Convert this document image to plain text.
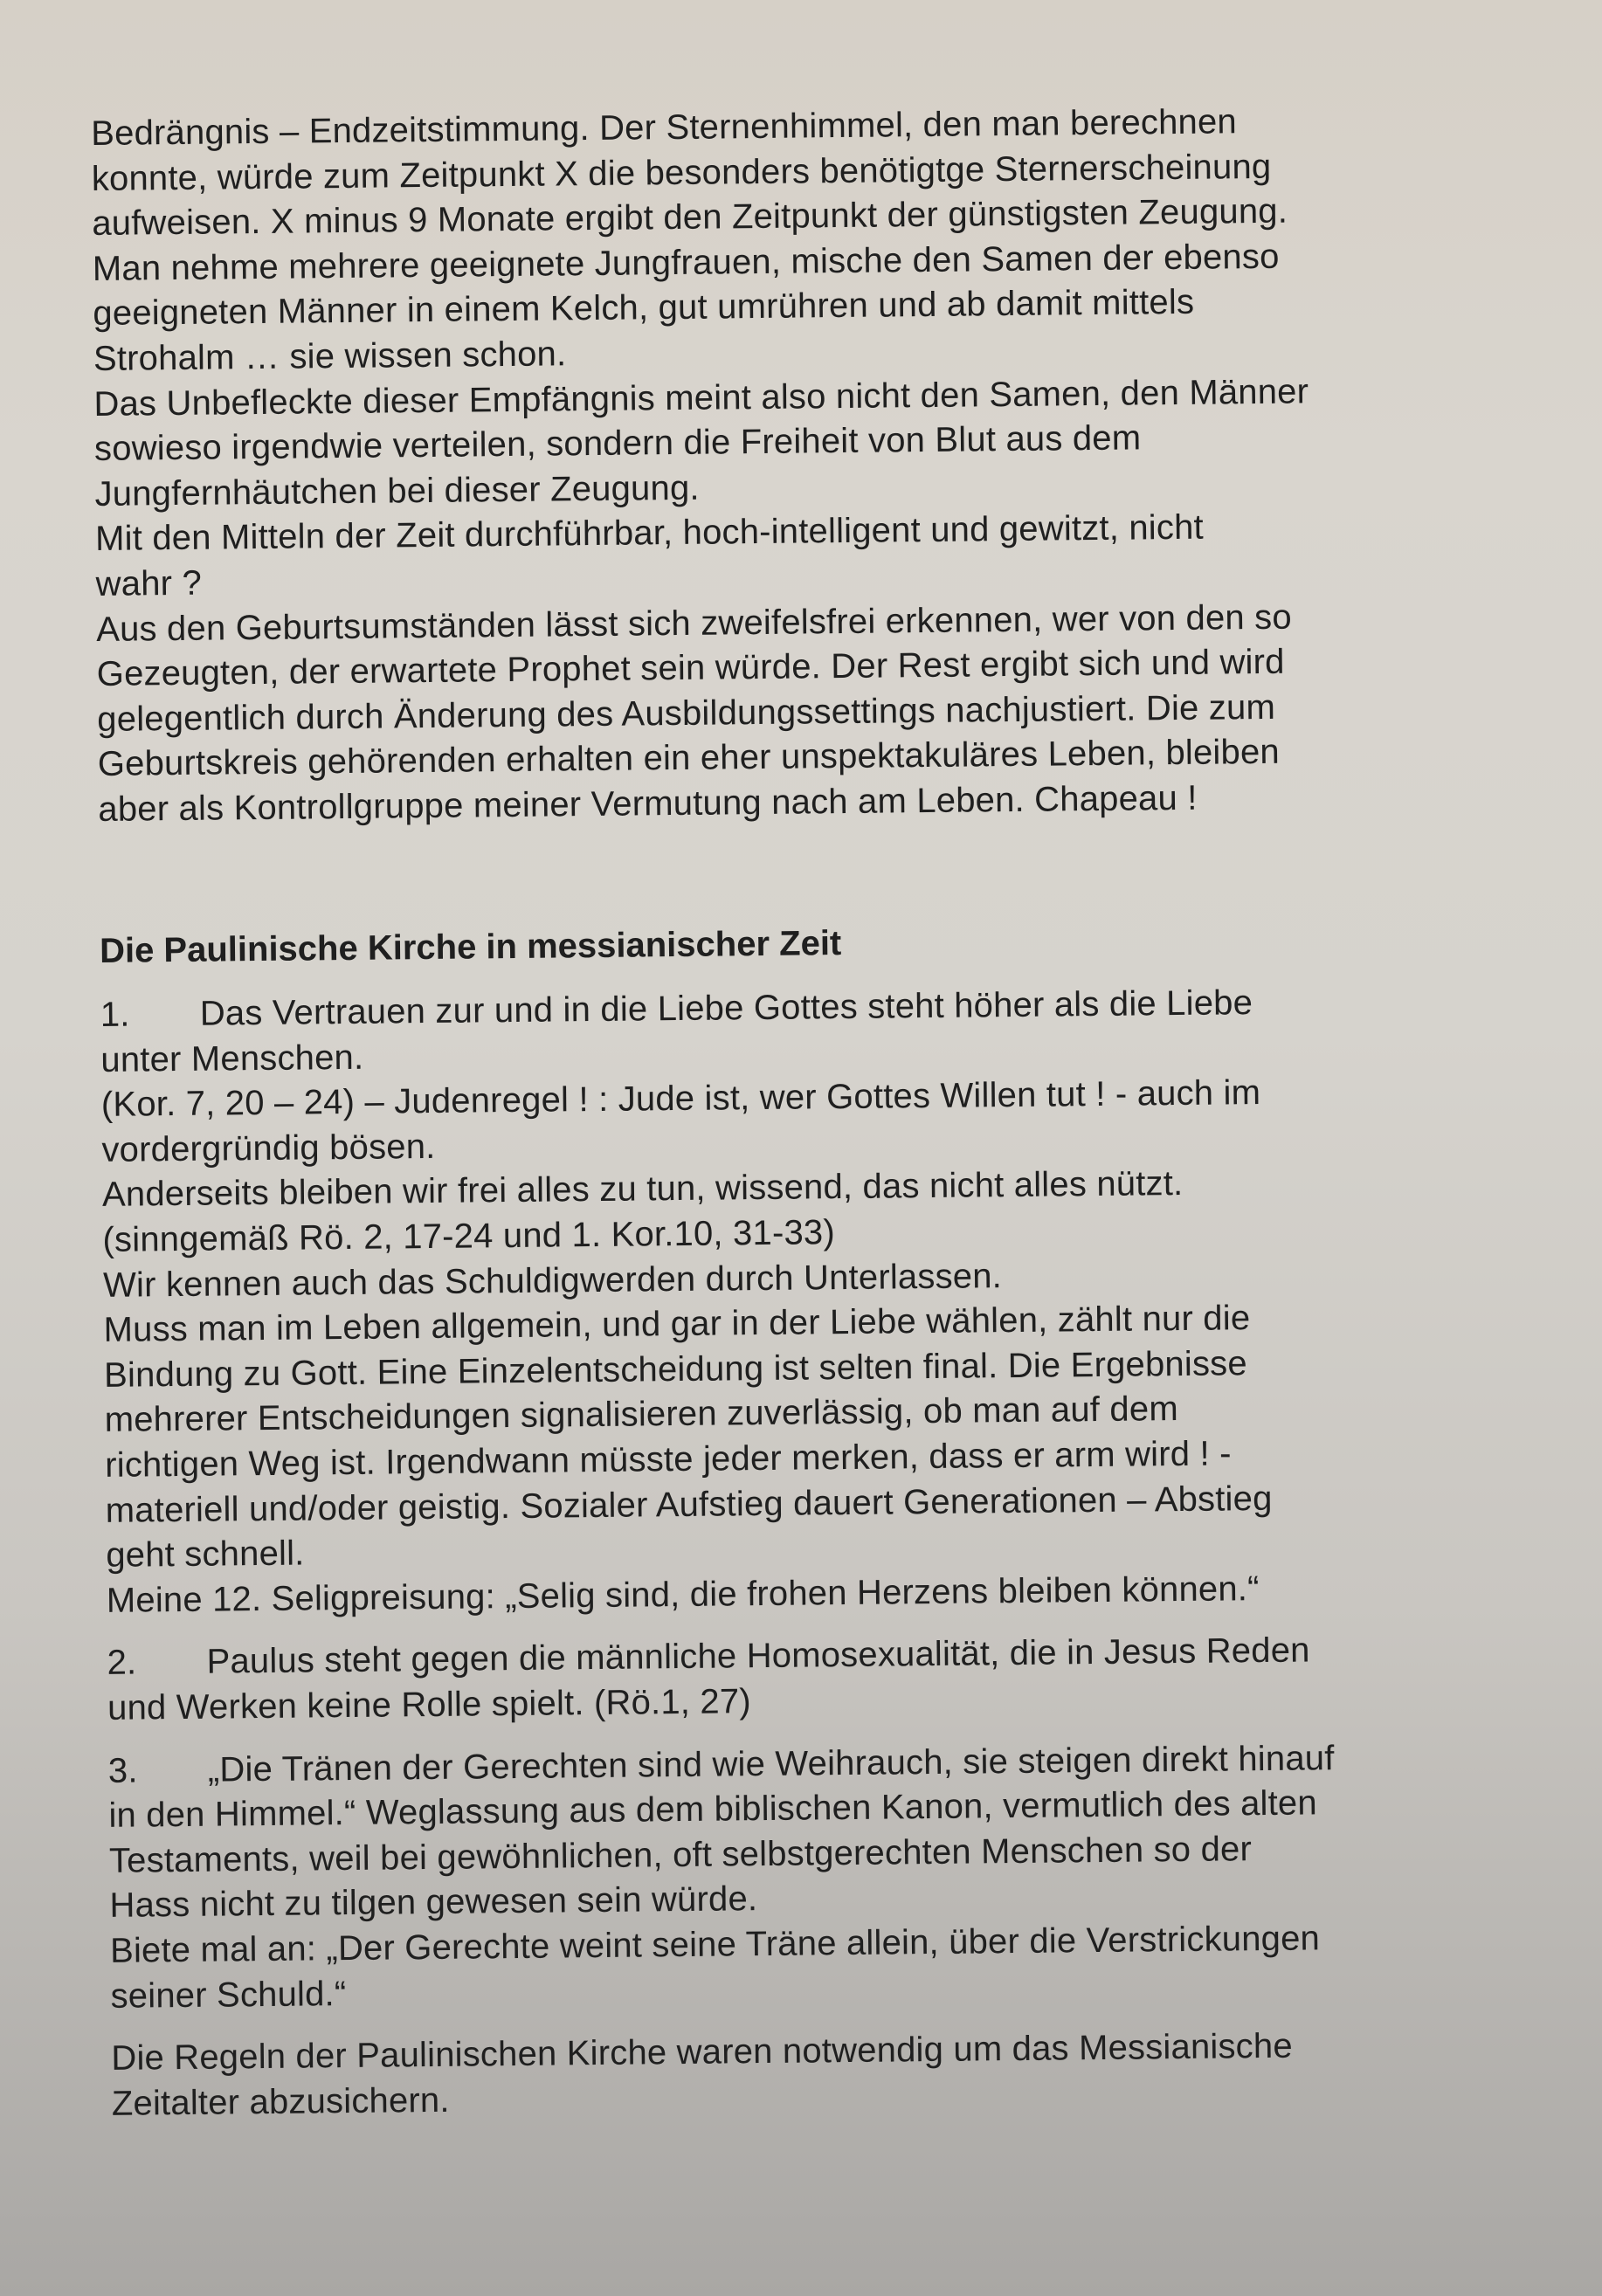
Bedrängnis – Endzeitstimmung. Der Sternenhimmel, den man berechnen

konnte, würde zum Zeitpunkt X die besonders benötigtge Sternerscheinung

aufweisen. X minus 9 Monate ergibt den Zeitpunkt der günstigsten Zeugung.

Man nehme mehrere geeignete Jungfrauen, mische den Samen der ebenso

geeigneten Männer in einem Kelch, gut umrühren und ab damit mittels

Strohalm … sie wissen schon.

Das Unbefleckte dieser Empfängnis meint also nicht den Samen, den Männer

sowieso irgendwie verteilen, sondern die Freiheit von Blut aus dem

Jungfernhäutchen bei dieser Zeugung.

Mit den Mitteln der Zeit durchführbar, hoch-intelligent und gewitzt, nicht

wahr ?

Aus den Geburtsumständen lässt sich zweifelsfrei erkennen, wer von den so

Gezeugten, der erwartete Prophet sein würde. Der Rest ergibt sich und wird

gelegentlich durch Änderung des Ausbildungssettings nachjustiert. Die zum

Geburtskreis gehörenden erhalten ein eher unspektakuläres Leben, bleiben

aber als Kontrollgruppe meiner Vermutung nach am Leben. Chapeau !

Die Paulinische Kirche in messianischer Zeit

1. Das Vertrauen zur und in die Liebe Gottes steht höher als die Liebe

unter Menschen.

(Kor. 7, 20 – 24) – Judenregel ! : Jude ist, wer Gottes Willen tut ! - auch im

vordergründig bösen.

Anderseits bleiben wir frei alles zu tun, wissend, das nicht alles nützt.

(sinngemäß Rö. 2, 17-24 und 1. Kor.10, 31-33)

Wir kennen auch das Schuldigwerden durch Unterlassen.

Muss man im Leben allgemein, und gar in der Liebe wählen, zählt nur die

Bindung zu Gott. Eine Einzelentscheidung ist selten final. Die Ergebnisse

mehrerer Entscheidungen signalisieren zuverlässig, ob man auf dem

richtigen Weg ist. Irgendwann müsste jeder merken, dass er arm wird ! -

materiell und/oder geistig. Sozialer Aufstieg dauert Generationen – Abstieg

geht schnell.

Meine 12. Seligpreisung: „Selig sind, die frohen Herzens bleiben können.“

2. Paulus steht gegen die männliche Homosexualität, die in Jesus Reden

und Werken keine Rolle spielt. (Rö.1, 27)

3. „Die Tränen der Gerechten sind wie Weihrauch, sie steigen direkt hinauf

in den Himmel.“ Weglassung aus dem biblischen Kanon, vermutlich des alten

Testaments, weil bei gewöhnlichen, oft selbstgerechten Menschen so der

Hass nicht zu tilgen gewesen sein würde.

Biete mal an: „Der Gerechte weint seine Träne allein, über die Verstrickungen

seiner Schuld.“

Die Regeln der Paulinischen Kirche waren notwendig um das Messianische

Zeitalter abzusichern.
